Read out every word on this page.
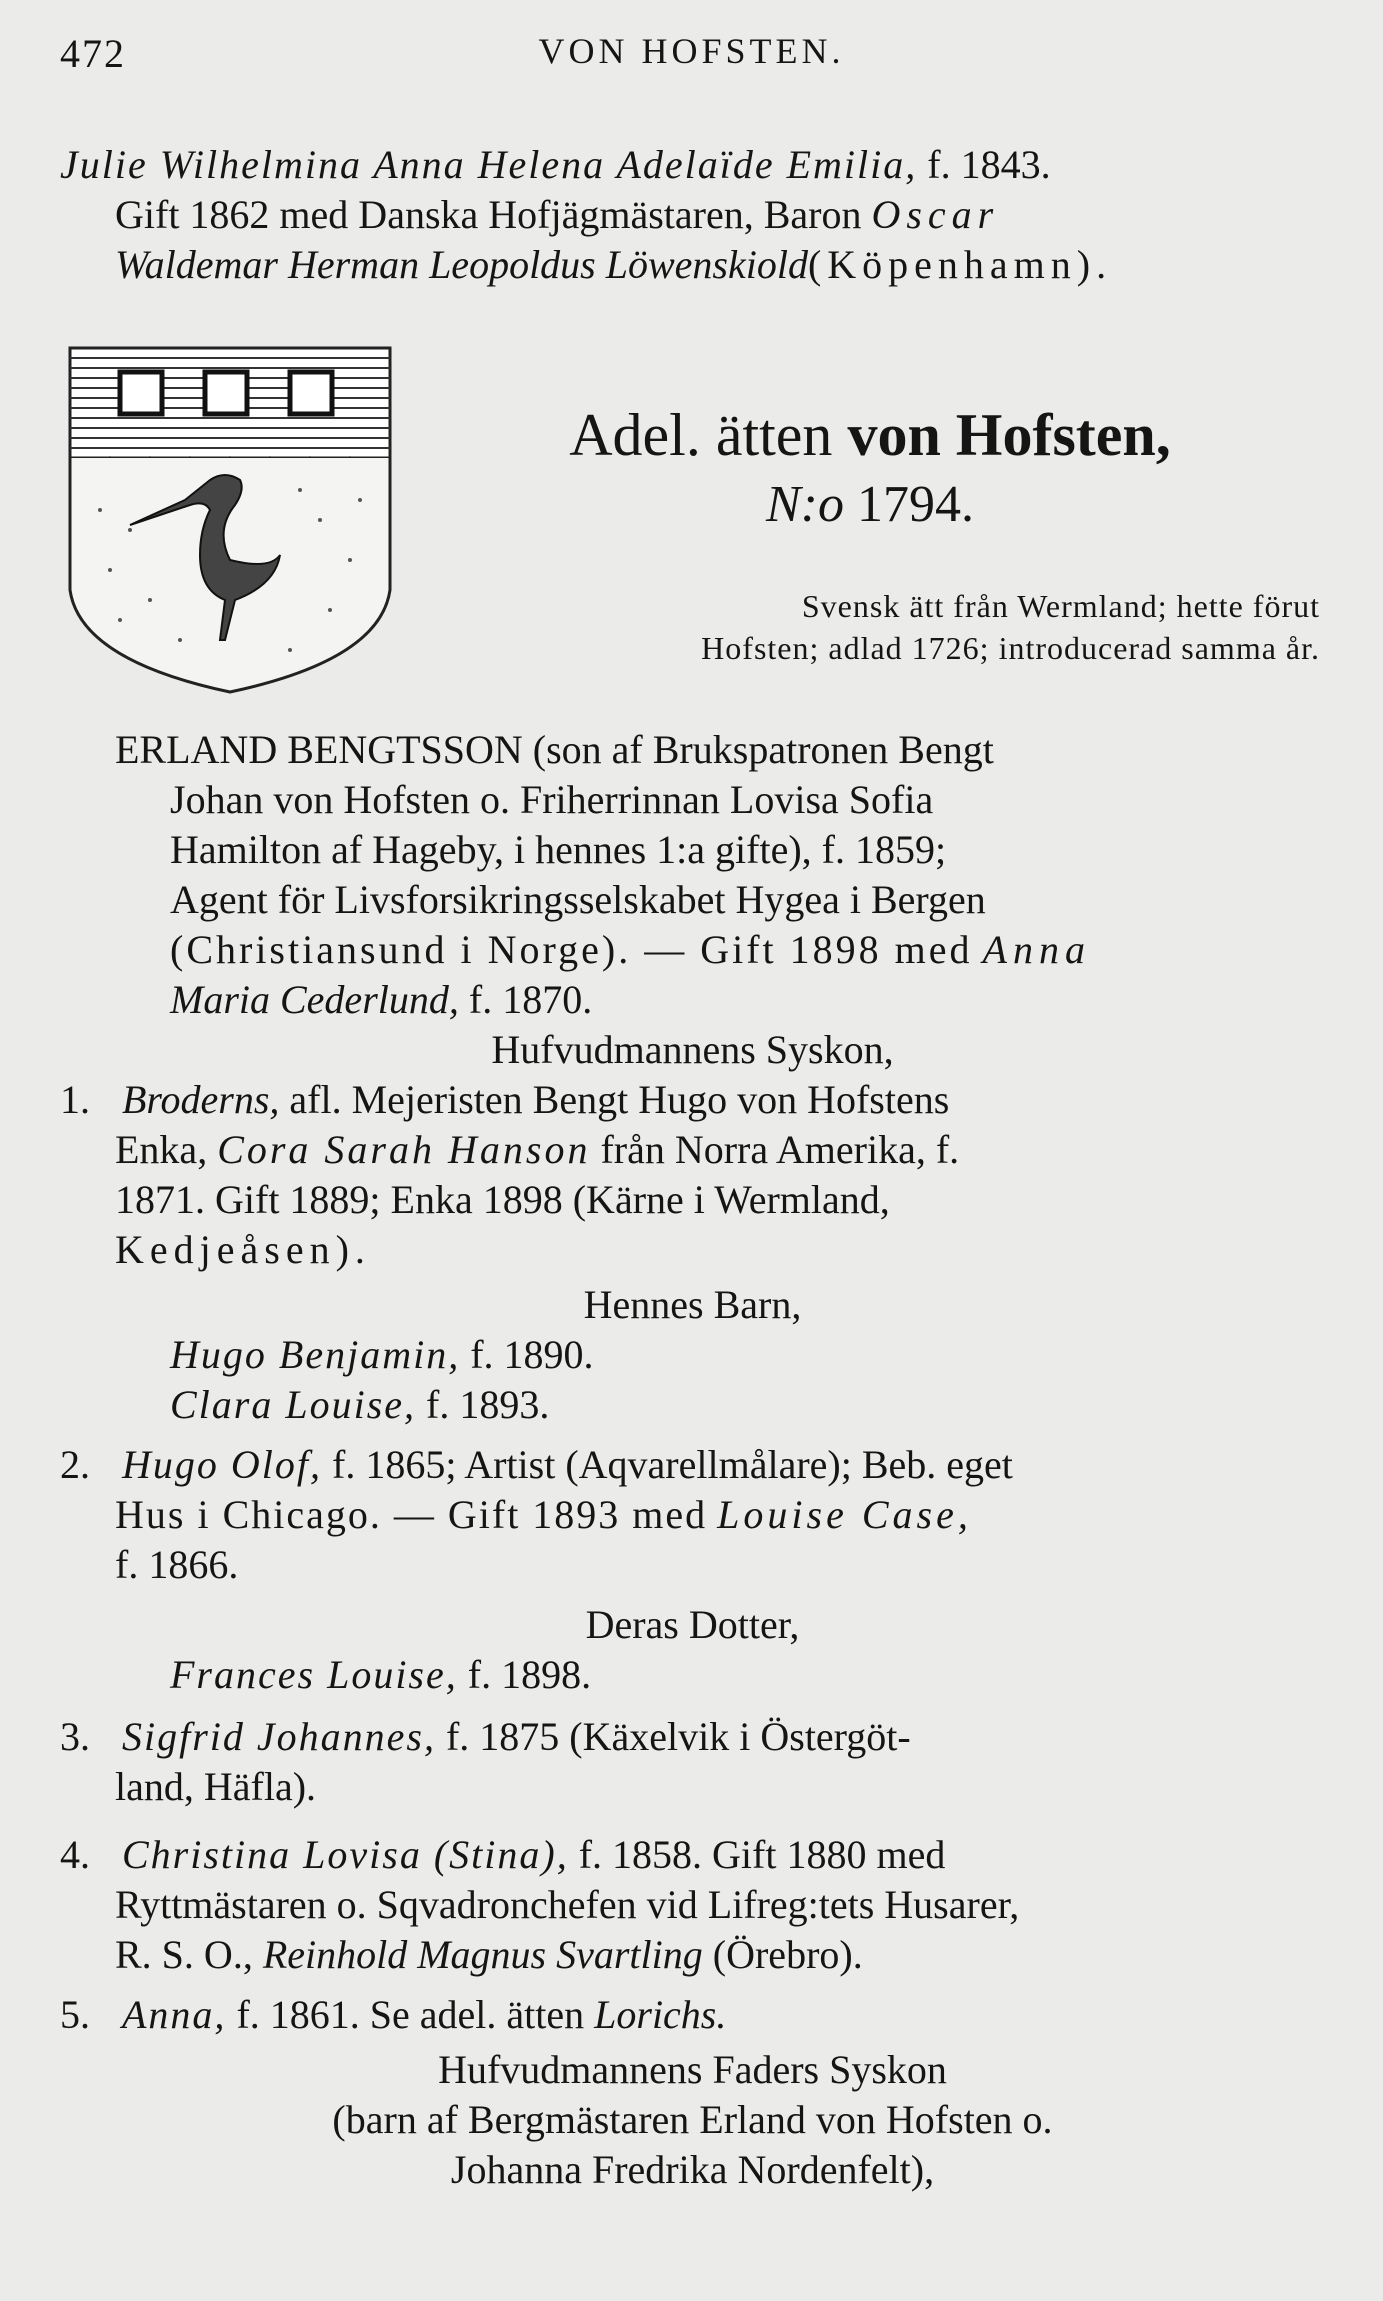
472	VON HOFSTEN.
Julie Wilhelmina Anna Helena Adelaïde Emilia, f. 1843.
Gift 1862 med Danska Hofjägmästaren, Baron Oscar
Waldemar Herman Leopoldus Löwenskiold(Köpenhamn).
Adel. ätten von Hofsten,
N:o 1794.
Svensk ätt från Wermland; hette förut
Hofsten; adlad 1726; introducerad samma år.
ERLAND BENGTSSON (son af Brukspatronen Bengt
Johan von Hofsten o. Friherrinnan Lovisa Sofia
Hamilton af Hageby, i hennes 1:a gifte), f. 1859;
Agent för Livsforsikringsselskabet Hygea i Bergen
(Christiansund i Norge). — Gift 1898 med Anna
Maria Cederlund, f. 1870.
Hufvudmannens Syskon,
1. Broderns, afl. Mejeristen Bengt Hugo von Hofstens
Enka, Cora Sarah Hanson från Norra Amerika, f.
1871. Gift 1889; Enka 1898 (Kärne i Wermland,
Kedjeåsen).
Hennes Barn,
Hugo Benjamin, f. 1890.
Clara Louise, f. 1893.
2. Hugo Olof, f. 1865; Artist (Aqvarellmålare); Beb. eget
Hus i Chicago. — Gift 1893 med Louise Case,
f. 1866.
Deras Dotter,
Frances Louise, f. 1898.
3. Sigfrid Johannes, f. 1875 (Käxelvik i Östergöt-
land, Häfla).
4. Christina Lovisa (Stina), f. 1858. Gift 1880 med
Ryttmästaren o. Sqvadronchefen vid Lifreg:tets Husarer,
R. S. O., Reinhold Magnus Svartling (Örebro).
5. Anna, f. 1861. Se adel. ätten Lorichs.
Hufvudmannens Faders Syskon
(barn af Bergmästaren Erland von Hofsten o.
Johanna Fredrika Nordenfelt),
